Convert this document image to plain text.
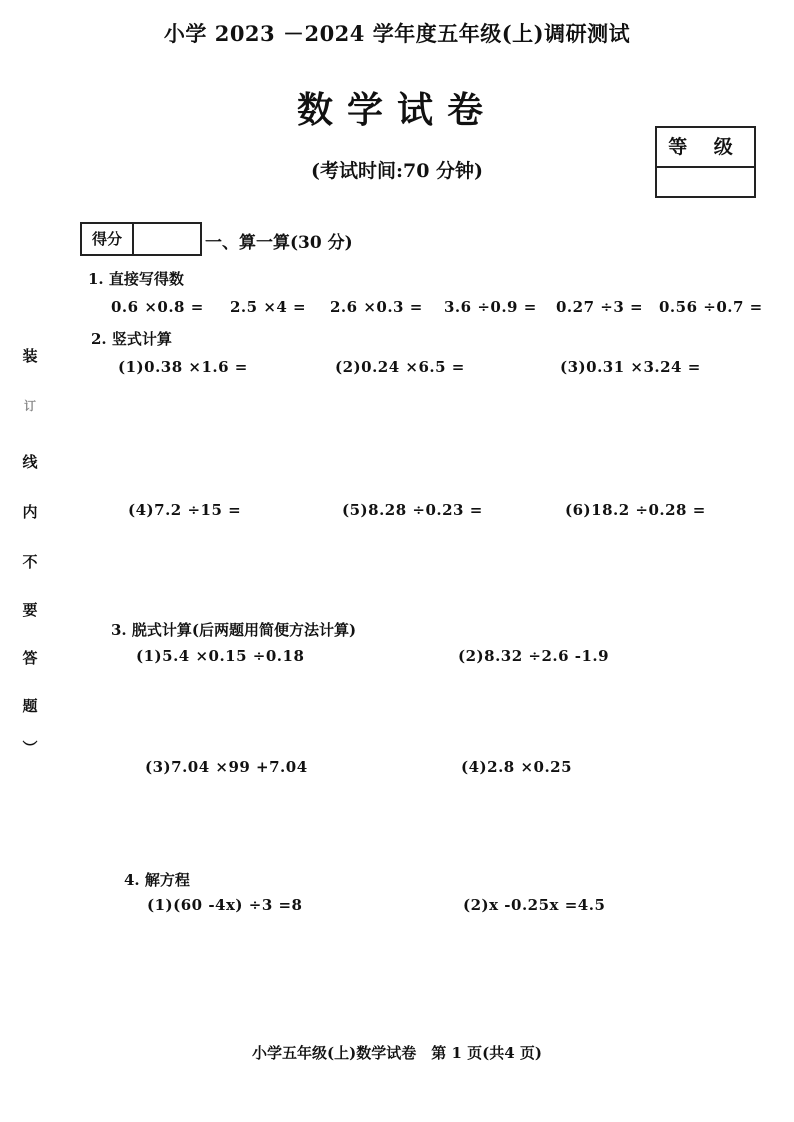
小学 2023 －2024 学年度五年级(上)调研测试
数学试卷
(考试时间:70 分钟)
等 级
得分	一、算一算(30 分)
1. 直接写得数
0.6 ×0.8 = 2.5 ×4 = 2.6 ×0.3 = 3.6 ÷0.9 = 0.27 ÷3 = 0.56 ÷0.7 =
2. 竖式计算
(1)0.38 ×1.6 =	(2)0.24 ×6.5 =	(3)0.31 ×3.24 =
(4)7.2 ÷15 =	(5)8.28 ÷0.23 =	(6)18.2 ÷0.28 =
3. 脱式计算(后两题用简便方法计算)
(1)5.4 ×0.15 ÷0.18	(2)8.32 ÷2.6 -1.9
(3)7.04 ×99 +7.04	(4)2.8 ×0.25
4. 解方程
(1)(60 -4x) ÷3 =8	(2)x -0.25x =4.5
装
订
线
内
不
要
答
题
）
小学五年级(上)数学试卷　第 1 页(共4 页)
